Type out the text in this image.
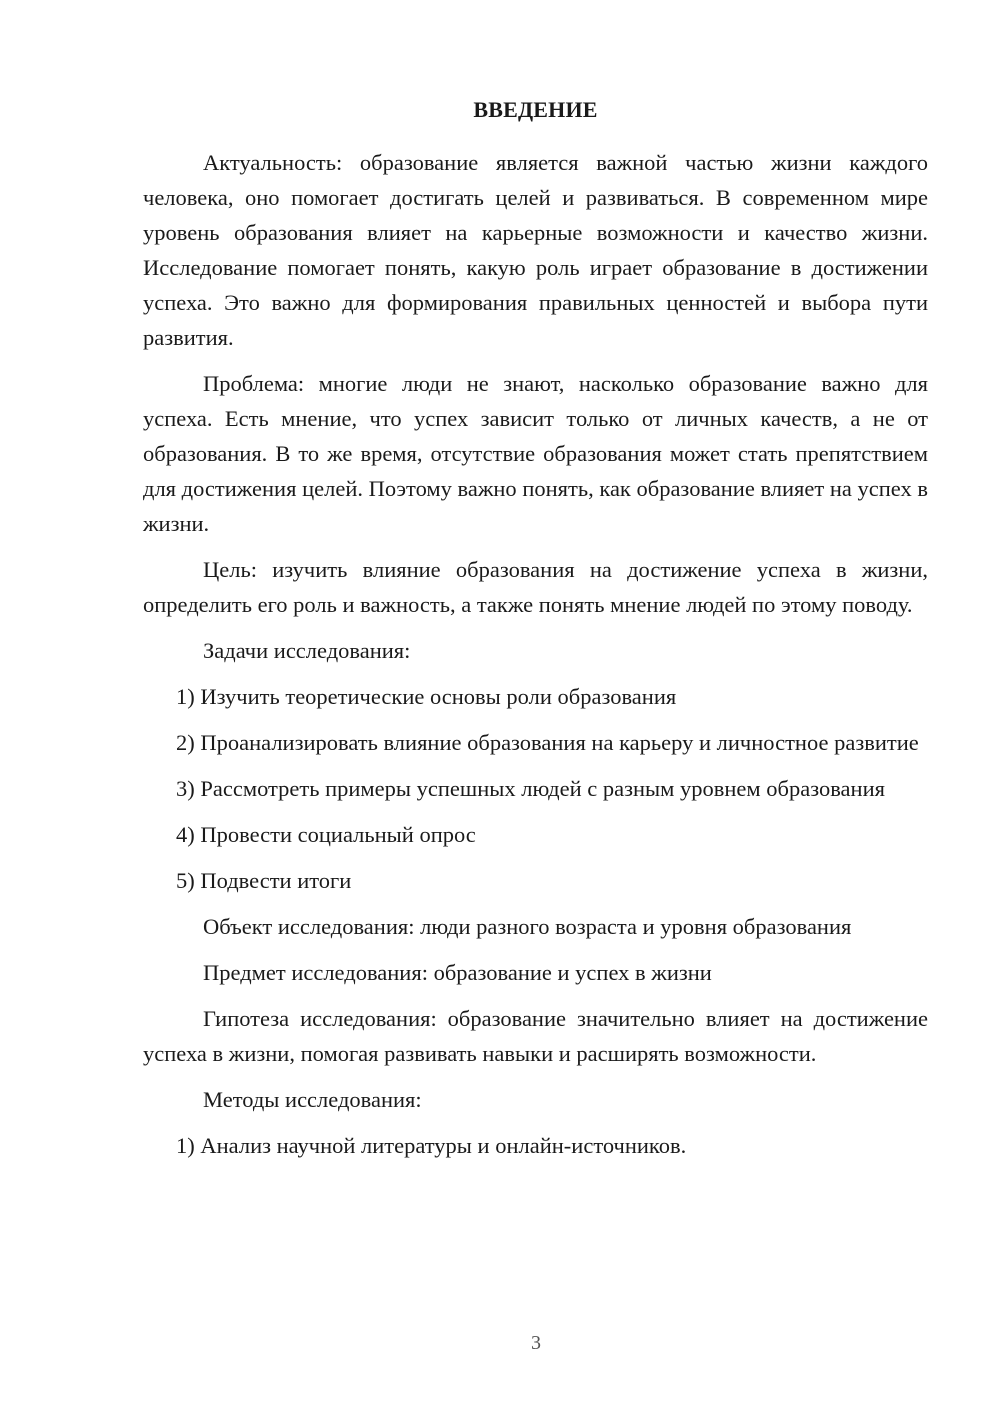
ВВЕДЕНИЕ

Актуальность: образование является важной частью жизни каждого человека, оно помогает достигать целей и развиваться. В современном мире уровень образования влияет на карьерные возможности и качество жизни. Исследование помогает понять, какую роль играет образование в достижении успеха. Это важно для формирования правильных ценностей и выбора пути развития.

Проблема: многие люди не знают, насколько образование важно для успеха. Есть мнение, что успех зависит только от личных качеств, а не от образования. В то же время, отсутствие образования может стать препятствием для достижения целей. Поэтому важно понять, как образование влияет на успех в жизни.

Цель: изучить влияние образования на достижение успеха в жизни, определить его роль и важность, а также понять мнение людей по этому поводу.

Задачи исследования:

1) Изучить теоретические основы роли образования

2) Проанализировать влияние образования на карьеру и личностное развитие

3) Рассмотреть примеры успешных людей с разным уровнем образования

4) Провести социальный опрос

5) Подвести итоги

Объект исследования: люди разного возраста и уровня образования

Предмет исследования: образование и успех в жизни

Гипотеза исследования: образование значительно влияет на достижение успеха в жизни, помогая развивать навыки и расширять возможности.

Методы исследования:

1) Анализ научной литературы и онлайн-источников.

3
